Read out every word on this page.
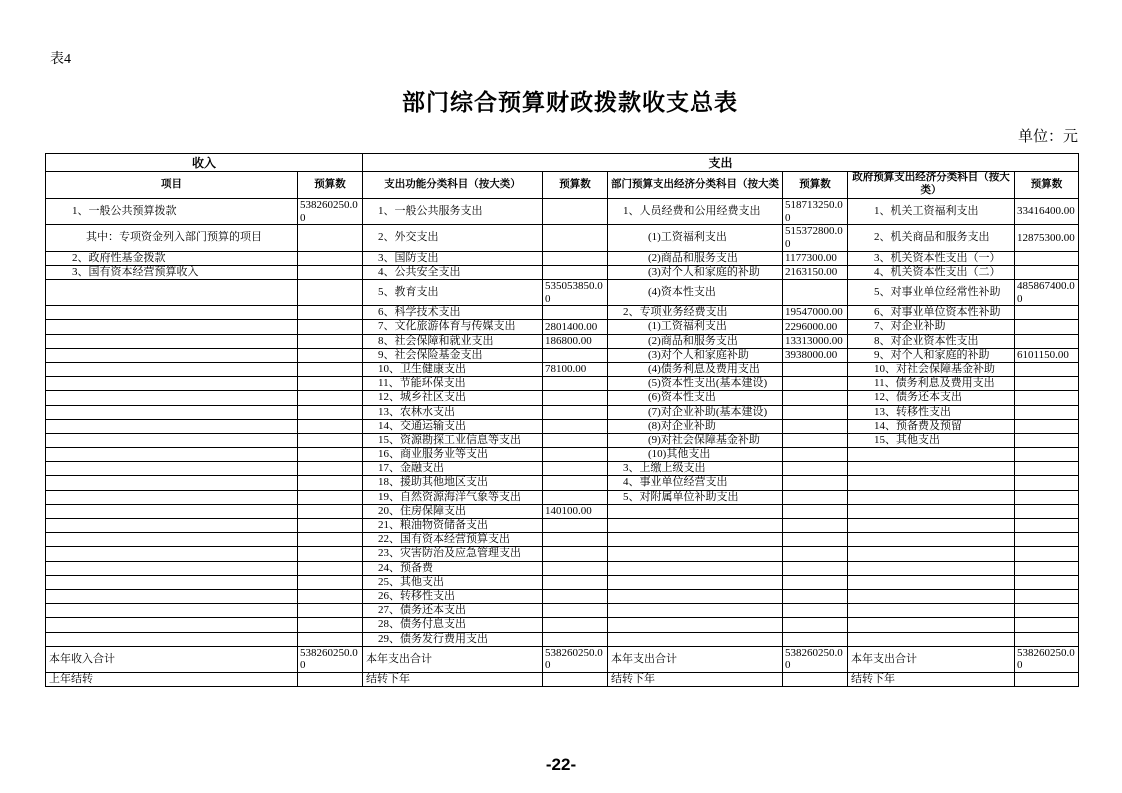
表4
部门综合预算财政拨款收支总表
单位：元
收入		支出					
项目	预算数	支出功能分类科目（按大类）	预算数	部门预算支出经济分类科目（按大类	预算数	政府预算支出经济分类科目（按大类）	预算数
1、一般公共预算拨款	538260250.00	1、一般公共服务支出		1、人员经费和公用经费支出	518713250.00	1、机关工资福利支出	33416400.00
其中：专项资金列入部门预算的项目		2、外交支出		(1)工资福利支出	515372800.00	2、机关商品和服务支出	12875300.00
2、政府性基金拨款		3、国防支出		(2)商品和服务支出	1177300.00	3、机关资本性支出（一）	
3、国有资本经营预算收入		4、公共安全支出		(3)对个人和家庭的补助	2163150.00	4、机关资本性支出（二）	
		5、教育支出	535053850.00	(4)资本性支出		5、对事业单位经常性补助	485867400.00
		6、科学技术支出		2、专项业务经费支出	19547000.00	6、对事业单位资本性补助	
		7、文化旅游体育与传媒支出	2801400.00	(1)工资福利支出	2296000.00	7、对企业补助	
		8、社会保障和就业支出	186800.00	(2)商品和服务支出	13313000.00	8、对企业资本性支出	
		9、社会保险基金支出		(3)对个人和家庭补助	3938000.00	9、对个人和家庭的补助	6101150.00
		10、卫生健康支出	78100.00	(4)债务利息及费用支出		10、对社会保障基金补助	
		11、节能环保支出		(5)资本性支出(基本建设)		11、债务利息及费用支出	
		12、城乡社区支出		(6)资本性支出		12、债务还本支出	
		13、农林水支出		(7)对企业补助(基本建设)		13、转移性支出	
		14、交通运输支出		(8)对企业补助		14、预备费及预留	
		15、资源勘探工业信息等支出		(9)对社会保障基金补助		15、其他支出	
		16、商业服务业等支出		(10)其他支出			
		17、金融支出		3、上缴上级支出			
		18、援助其他地区支出		4、事业单位经营支出			
		19、自然资源海洋气象等支出		5、对附属单位补助支出			
		20、住房保障支出	140100.00				
		21、粮油物资储备支出					
		22、国有资本经营预算支出					
		23、灾害防治及应急管理支出					
		24、预备费					
		25、其他支出					
		26、转移性支出					
		27、债务还本支出					
		28、债务付息支出					
		29、债务发行费用支出					
本年收入合计	538260250.00	本年支出合计	538260250.00	本年支出合计	538260250.00	本年支出合计	538260250.00
上年结转		结转下年		结转下年		结转下年	
-22-
